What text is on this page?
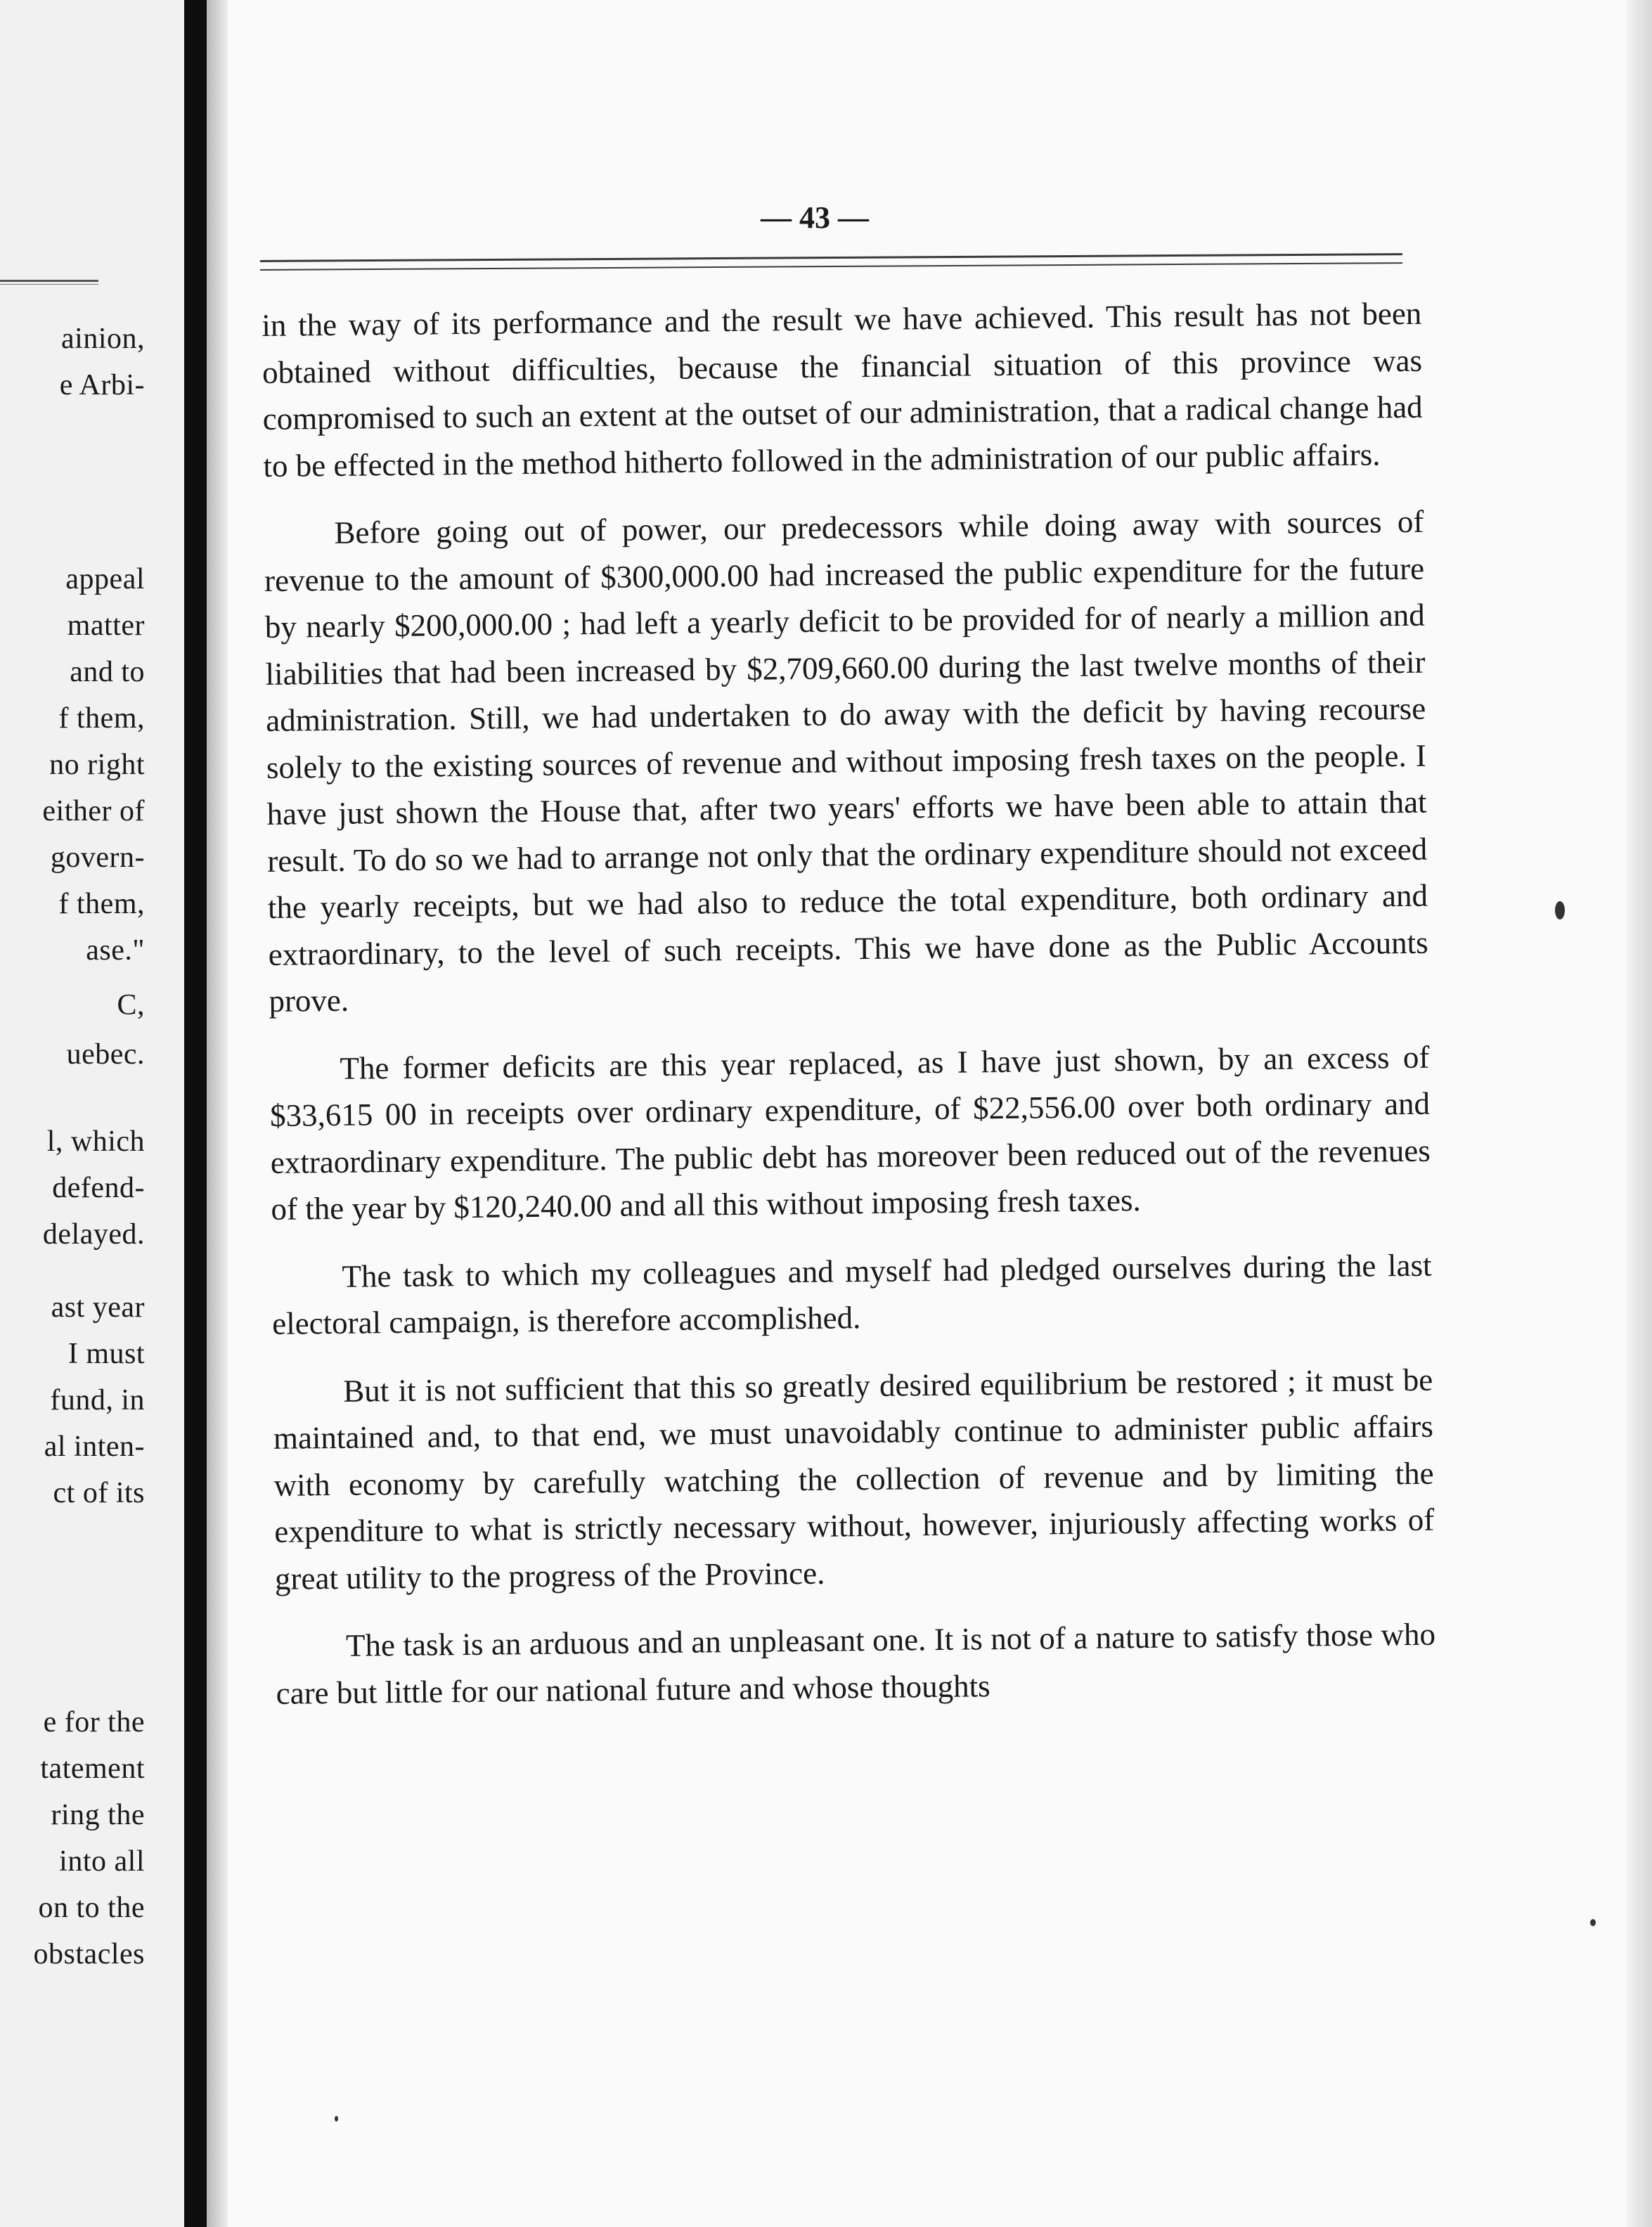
ainion,
e Arbi-
appeal
matter
and to
f them,
no right
either of
govern-
f them,
ase."
C,
uebec.
l, which
defend-
delayed.
ast year
I must
fund, in
al inten-
ct of its
e for the
tatement
ring the
into all
on to the
obstacles
— 43 —

in the way of its performance and the result we have achieved. This result has not been obtained without difficulties, because the financial situation of this province was compromised to such an extent at the outset of our administration, that a radical change had to be effected in the method hitherto followed in the administration of our public affairs.

Before going out of power, our predecessors while doing away with sources of revenue to the amount of $300,000.00 had increased the public expenditure for the future by nearly $200,000.00 ; had left a yearly deficit to be provided for of nearly a million and liabilities that had been increased by $2,709,660.00 during the last twelve months of their administration. Still, we had undertaken to do away with the deficit by having recourse solely to the existing sources of revenue and without imposing fresh taxes on the people. I have just shown the House that, after two years' efforts we have been able to attain that result. To do so we had to arrange not only that the ordinary expenditure should not exceed the yearly receipts, but we had also to reduce the total expenditure, both ordinary and extraordinary, to the level of such receipts. This we have done as the Public Accounts prove.

The former deficits are this year replaced, as I have just shown, by an excess of $33,615 00 in receipts over ordinary expenditure, of $22,556.00 over both ordinary and extraordinary expenditure. The public debt has moreover been reduced out of the revenues of the year by $120,240.00 and all this without imposing fresh taxes.

The task to which my colleagues and myself had pledged ourselves during the last electoral campaign, is therefore accomplished.

But it is not sufficient that this so greatly desired equilibrium be restored ; it must be maintained and, to that end, we must unavoidably continue to administer public affairs with economy by carefully watching the collection of revenue and by limiting the expenditure to what is strictly necessary without, however, injuriously affecting works of great utility to the progress of the Province.

The task is an arduous and an unpleasant one. It is not of a nature to satisfy those who care but little for our national future and whose thoughts
